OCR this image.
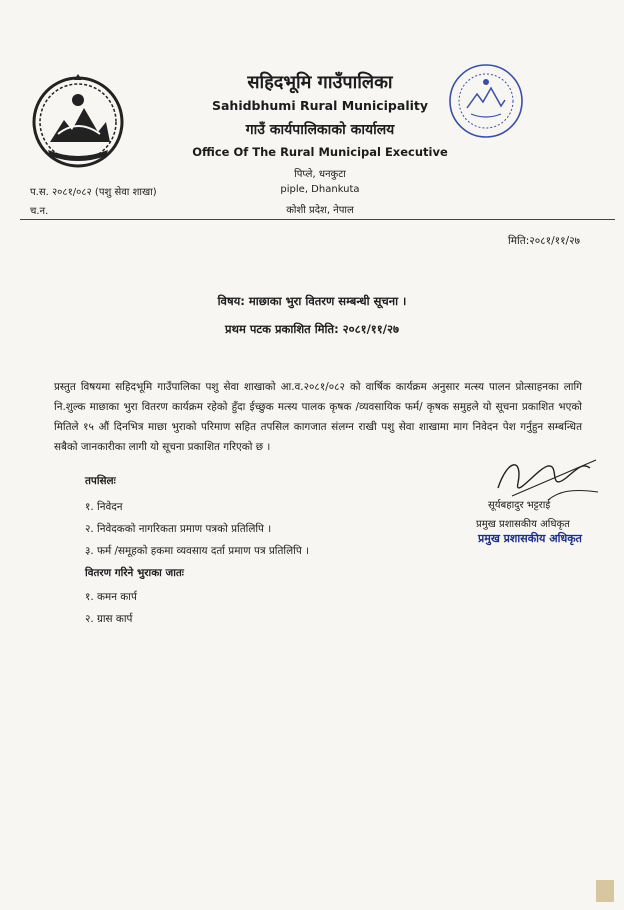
सहिदभूमि गाउँपालिका
Sahidbhumi Rural Municipality
गाउँ कार्यपालिकाको कार्यालय
Office Of The Rural Municipal Executive
पिप्ले, धनकुटा
piple, Dhankuta
कोशी प्रदेश, नेपाल
प.स. २०८१/०८२ (पशु सेवा शाखा)
च.न.
मिति:२०८१/११/२७
विषय: माछाका भुरा वितरण सम्बन्धी सूचना ।
प्रथम पटक प्रकाशित मिति: २०८१/११/२७
प्रस्तुत विषयमा सहिदभूमि गाउँपालिका पशु सेवा शाखाको आ.व.२०८१/०८२ को वार्षिक कार्यक्रम अनुसार मत्स्य पालन प्रोत्साहनका लागि नि.शुल्क माछाका भुरा वितरण कार्यक्रम रहेको हुँदा ईच्छुक मत्स्य पालक कृषक /व्यवसायिक फर्म/ कृषक समुहले यो सूचना प्रकाशित भएको मितिले १५ औं दिनभित्र माछा भुराको परिमाण सहित तपसिल कागजात संलग्न राखी पशु सेवा शाखामा माग निवेदन पेश गर्नुहुन सम्बन्धित सबैको जानकारीका लागी यो सूचना प्रकाशित गरिएको छ ।
तपसिलः
१. निवेदन
२. निवेदकको नागरिकता प्रमाण पत्रको प्रतिलिपि ।
३. फर्म /समूहको हकमा व्यवसाय दर्ता प्रमाण पत्र प्रतिलिपि ।
वितरण गरिने भुराका जातः
१. कमन कार्प
२. ग्रास कार्प
सूर्यबहादुर भट्टराई
प्रमुख प्रशासकीय अधिकृत
प्रमुख प्रशासकीय अधिकृत
